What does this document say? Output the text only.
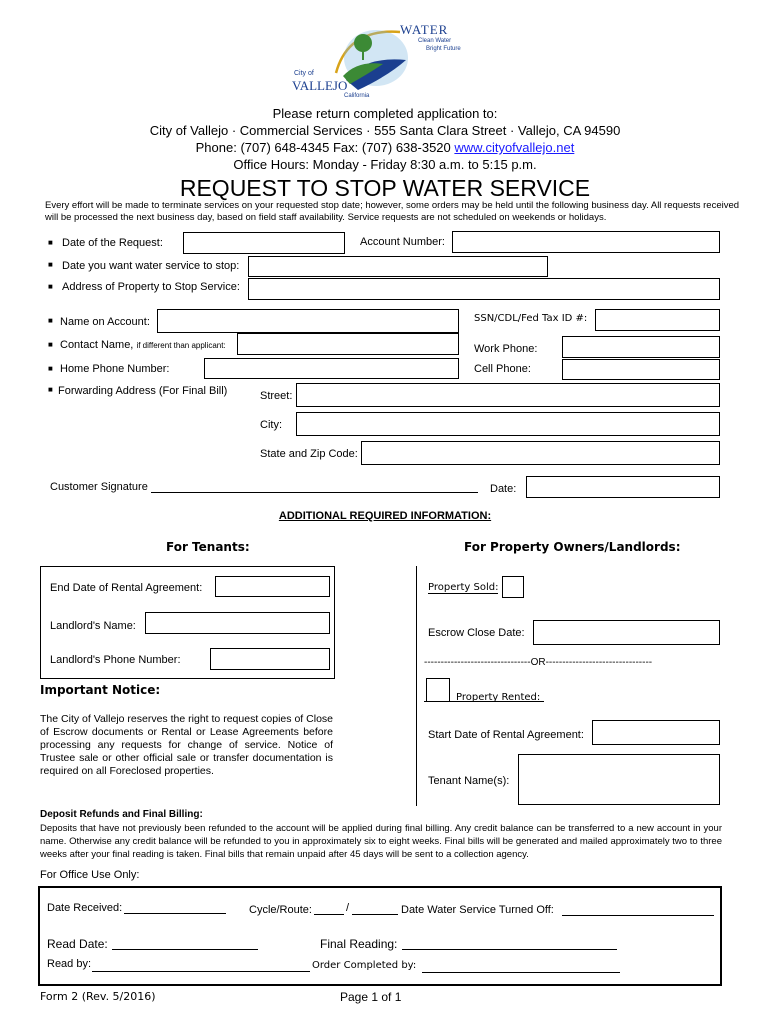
WATER
Clean Water
Bright Future
City of
VALLEJO
California
Please return completed application to:
City of Vallejo · Commercial Services · 555 Santa Clara Street · Vallejo, CA 94590
Phone: (707) 648-4345 Fax: (707) 638-3520 www.cityofvallejo.net
Office Hours: Monday - Friday 8:30 a.m. to 5:15 p.m.
REQUEST TO STOP WATER SERVICE
Every effort will be made to terminate services on your requested stop date; however, some orders may be held until the following business day. All requests received will be processed the next business day, based on field staff availability. Service requests are not scheduled on weekends or holidays.
■ Date of the Request:	Account Number:
■ Date you want water service to stop:
■ Address of Property to Stop Service:
■ Name on Account:	SSN/CDL/Fed Tax ID #:
■ Contact Name, if different than applicant:	Work Phone:
■ Home Phone Number:	Cell Phone:
■ Forwarding Address (For Final Bill)	Street:
City:
State and Zip Code:
Customer Signature	Date:
ADDITIONAL REQUIRED INFORMATION:
For Tenants:	For Property Owners/Landlords:
End Date of Rental Agreement:
Landlord's Name:
Landlord's Phone Number:
Important Notice:
The City of Vallejo reserves the right to request copies of Close of Escrow documents or Rental or Lease Agreements before processing any requests for change of service. Notice of Trustee sale or other official sale or transfer documentation is required on all Foreclosed properties.
Property Sold:
Escrow Close Date:
--------------------------------OR--------------------------------
Property Rented:
Start Date of Rental Agreement:
Tenant Name(s):
Deposit Refunds and Final Billing:
Deposits that have not previously been refunded to the account will be applied during final billing. Any credit balance can be transferred to a new account in your name. Otherwise any credit balance will be refunded to you in approximately six to eight weeks. Final bills will be generated and mailed approximately two to three weeks after your final reading is taken. Final bills that remain unpaid after 45 days will be sent to a collection agency.
For Office Use Only:
Date Received:	Cycle/Route:	/	Date Water Service Turned Off:
Read Date:	Final Reading:
Read by:	Order Completed by:
Form 2 (Rev. 5/2016)	Page 1 of 1
